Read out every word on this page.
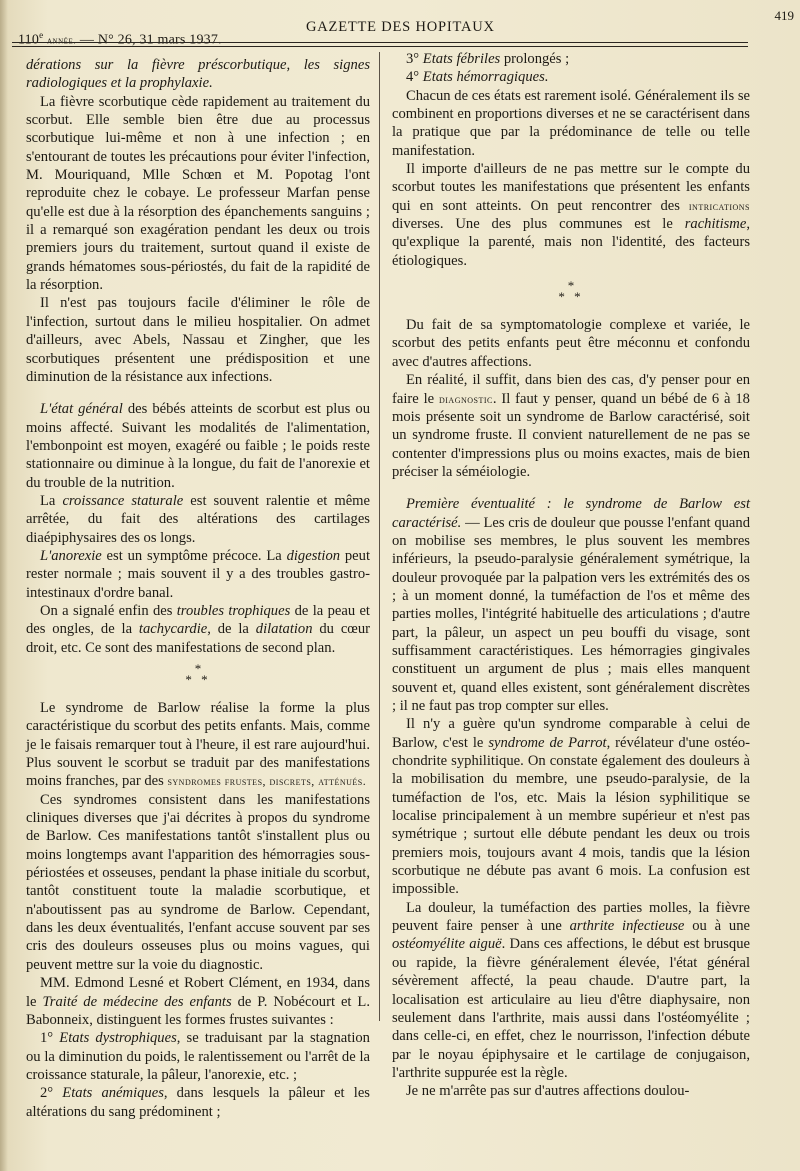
110e année. — N° 26, 31 mars 1937.
GAZETTE DES HOPITAUX
419

dérations sur la fièvre préscorbutique, les signes radiologiques et la prophylaxie.

La fièvre scorbutique cède rapidement au traitement du scorbut. Elle semble bien être due au processus scorbutique lui-même et non à une infection ; en s'entourant de toutes les précautions pour éviter l'infection, M. Mouriquand, Mlle Schœn et M. Popotag l'ont reproduite chez le cobaye. Le professeur Marfan pense qu'elle est due à la résorption des épanchements sanguins ; il a remarqué son exagération pendant les deux ou trois premiers jours du traitement, surtout quand il existe de grands hématomes sous-périostés, du fait de la rapidité de la résorption.

Il n'est pas toujours facile d'éliminer le rôle de l'infection, surtout dans le milieu hospitalier. On admet d'ailleurs, avec Abels, Nassau et Zingher, que les scorbutiques présentent une prédisposition et une diminution de la résistance aux infections.

L'état général des bébés atteints de scorbut est plus ou moins affecté. Suivant les modalités de l'alimentation, l'embonpoint est moyen, exagéré ou faible ; le poids reste stationnaire ou diminue à la longue, du fait de l'anorexie et du trouble de la nutrition.

La croissance staturale est souvent ralentie et même arrêtée, du fait des altérations des cartilages diaépiphysaires des os longs.

L'anorexie est un symptôme précoce. La digestion peut rester normale ; mais souvent il y a des troubles gastro-intestinaux d'ordre banal.

On a signalé enfin des troubles trophiques de la peau et des ongles, de la tachycardie, de la dilatation du cœur droit, etc. Ce sont des manifestations de second plan.

*
* *

Le syndrome de Barlow réalise la forme la plus caractéristique du scorbut des petits enfants. Mais, comme je le faisais remarquer tout à l'heure, il est rare aujourd'hui. Plus souvent le scorbut se traduit par des manifestations moins franches, par des syndromes frustes, discrets, atténués.

Ces syndromes consistent dans les manifestations cliniques diverses que j'ai décrites à propos du syndrome de Barlow. Ces manifestations tantôt s'installent plus ou moins longtemps avant l'apparition des hémorragies sous-périostées et osseuses, pendant la phase initiale du scorbut, tantôt constituent toute la maladie scorbutique, et n'aboutissent pas au syndrome de Barlow. Cependant, dans les deux éventualités, l'enfant accuse souvent par ses cris des douleurs osseuses plus ou moins vagues, qui peuvent mettre sur la voie du diagnostic.

MM. Edmond Lesné et Robert Clément, en 1934, dans le Traité de médecine des enfants de P. Nobécourt et L. Babonneix, distinguent les formes frustes suivantes :

1° Etats dystrophiques, se traduisant par la stagnation ou la diminution du poids, le ralentissement ou l'arrêt de la croissance staturale, la pâleur, l'anorexie, etc. ;

2° Etats anémiques, dans lesquels la pâleur et les altérations du sang prédominent ;

3° Etats fébriles prolongés ;

4° Etats hémorragiques.

Chacun de ces états est rarement isolé. Généralement ils se combinent en proportions diverses et ne se caractérisent dans la pratique que par la prédominance de telle ou telle manifestation.

Il importe d'ailleurs de ne pas mettre sur le compte du scorbut toutes les manifestations que présentent les enfants qui en sont atteints. On peut rencontrer des intrications diverses. Une des plus communes est le rachitisme, qu'explique la parenté, mais non l'identité, des facteurs étiologiques.

*
* *

Du fait de sa symptomatologie complexe et variée, le scorbut des petits enfants peut être méconnu et confondu avec d'autres affections.

En réalité, il suffit, dans bien des cas, d'y penser pour en faire le diagnostic. Il faut y penser, quand un bébé de 6 à 18 mois présente soit un syndrome de Barlow caractérisé, soit un syndrome fruste. Il convient naturellement de ne pas se contenter d'impressions plus ou moins exactes, mais de bien préciser la séméiologie.

Première éventualité : le syndrome de Barlow est caractérisé. — Les cris de douleur que pousse l'enfant quand on mobilise ses membres, le plus souvent les membres inférieurs, la pseudo-paralysie généralement symétrique, la douleur provoquée par la palpation vers les extrémités des os ; à un moment donné, la tuméfaction de l'os et même des parties molles, l'intégrité habituelle des articulations ; d'autre part, la pâleur, un aspect un peu bouffi du visage, sont suffisamment caractéristiques. Les hémorragies gingivales constituent un argument de plus ; mais elles manquent souvent et, quand elles existent, sont généralement discrètes ; il ne faut pas trop compter sur elles.

Il n'y a guère qu'un syndrome comparable à celui de Barlow, c'est le syndrome de Parrot, révélateur d'une ostéo-chondrite syphilitique. On constate également des douleurs à la mobilisation du membre, une pseudo-paralysie, de la tuméfaction de l'os, etc. Mais la lésion syphilitique se localise principalement à un membre supérieur et n'est pas symétrique ; surtout elle débute pendant les deux ou trois premiers mois, toujours avant 4 mois, tandis que la lésion scorbutique ne débute pas avant 6 mois. La confusion est impossible.

La douleur, la tuméfaction des parties molles, la fièvre peuvent faire penser à une arthrite infectieuse ou à une ostéomyélite aiguë. Dans ces affections, le début est brusque ou rapide, la fièvre généralement élevée, l'état général sévèrement affecté, la peau chaude. D'autre part, la localisation est articulaire au lieu d'être diaphysaire, non seulement dans l'arthrite, mais aussi dans l'ostéomyélite ; dans celle-ci, en effet, chez le nourrisson, l'infection débute par le noyau épiphysaire et le cartilage de conjugaison, l'arthrite suppurée est la règle.

Je ne m'arrête pas sur d'autres affections doulou-
